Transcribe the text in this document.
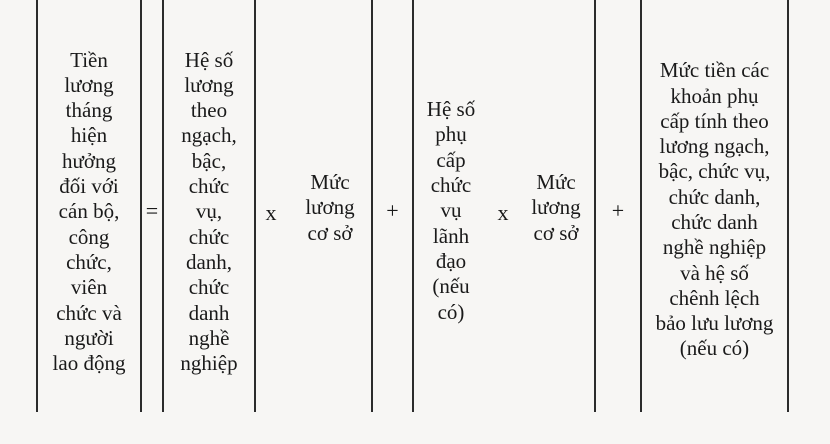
Tiền
lương
tháng
hiện
hưởng
đối với
cán bộ,
công
chức,
viên
chức và
người
lao động
=
Hệ số
lương
theo
ngạch,
bậc,
chức
vụ,
chức
danh,
chức
danh
nghề
nghiệp
x
Mức
lương
cơ sở
+
Hệ số
phụ
cấp
chức
vụ
lãnh
đạo
(nếu
có)
x
Mức
lương
cơ sở
+
Mức tiền các
khoản phụ
cấp tính theo
lương ngạch,
bậc, chức vụ,
chức danh,
chức danh
nghề nghiệp
và hệ số
chênh lệch
bảo lưu lương
(nếu có)
